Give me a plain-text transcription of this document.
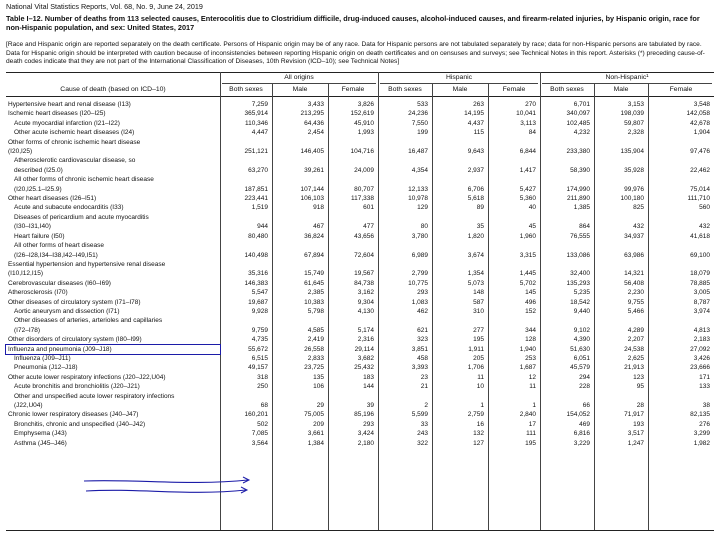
National Vital Statistics Reports, Vol. 68, No. 9, June 24, 2019
Table I–12. Number of deaths from 113 selected causes, Enterocolitis due to Clostridium difficile, drug-induced causes, alcohol-induced causes, and firearm-related injuries, by Hispanic origin, race for non-Hispanic population, and sex: United States, 2017
[Race and Hispanic origin are reported separately on the death certificate. Persons of Hispanic origin may be of any race. Data for Hispanic persons are not tabulated separately by race; data for non-Hispanic persons are tabulated by race. Data for Hispanic origin should be interpreted with caution because of inconsistencies between reporting Hispanic origin on death certificates and on censuses and surveys; see Technical Notes in this report. Asterisks (*) preceding cause-of-death codes indicate that they are not part of the International Classification of Diseases, 10th Revision (ICD–10); see Technical Notes]
All origins	Hispanic	Non-Hispanic¹
Cause of death (based on ICD–10)	Both sexes	Male	Female	Both sexes	Male	Female	Both sexes	Male	Female
Hypertensive heart and renal disease (I13)	7,259	3,433	3,826	533	263	270	6,701	3,153	3,548

Ischemic heart diseases (I20–I25)	365,914	213,295	152,619	24,236	14,195	10,041	340,097	198,039	142,058

Acute myocardial infarction (I21–I22)	110,346	64,436	45,910	7,550	4,437	3,113	102,485	59,807	42,678

Other acute ischemic heart diseases (I24)	4,447	2,454	1,993	199	115	84	4,232	2,328	1,904

Other forms of chronic ischemic heart disease
(I20,I25)	251,121	146,405	104,716	16,487	9,643	6,844	233,380	135,904	97,476

Atherosclerotic cardiovascular disease, so
described (I25.0)	63,270	39,261	24,009	4,354	2,937	1,417	58,390	35,928	22,462

All other forms of chronic ischemic heart disease
(I20,I25.1–I25.9)	187,851	107,144	80,707	12,133	6,706	5,427	174,990	99,976	75,014

Other heart diseases (I26–I51)	223,441	106,103	117,338	10,978	5,618	5,360	211,890	100,180	111,710

Acute and subacute endocarditis (I33)	1,519	918	601	129	89	40	1,385	825	560

Diseases of pericardium and acute myocarditis
(I30–I31,I40)	944	467	477	80	35	45	864	432	432

Heart failure (I50)	80,480	36,824	43,656	3,780	1,820	1,960	76,555	34,937	41,618

All other forms of heart disease
(I26–I28,I34–I38,I42–I49,I51)	140,498	67,894	72,604	6,989	3,674	3,315	133,086	63,986	69,100

Essential hypertension and hypertensive renal disease
(I10,I12,I15)	35,316	15,749	19,567	2,799	1,354	1,445	32,400	14,321	18,079

Cerebrovascular diseases (I60–I69)	146,383	61,645	84,738	10,775	5,073	5,702	135,293	56,408	78,885

Atherosclerosis (I70)	5,547	2,385	3,162	293	148	145	5,235	2,230	3,005

Other diseases of circulatory system (I71–I78)	19,687	10,383	9,304	1,083	587	496	18,542	9,755	8,787

Aortic aneurysm and dissection (I71)	9,928	5,798	4,130	462	310	152	9,440	5,466	3,974

Other diseases of arteries, arterioles and capillaries
(I72–I78)	9,759	4,585	5,174	621	277	344	9,102	4,289	4,813

Other disorders of circulatory system (I80–I99)	4,735	2,419	2,316	323	195	128	4,390	2,207	2,183

Influenza and pneumonia (J09–J18)	55,672	26,558	29,114	3,851	1,911	1,940	51,630	24,538	27,092

Influenza (J09–J11)	6,515	2,833	3,682	458	205	253	6,051	2,625	3,426

Pneumonia (J12–J18)	49,157	23,725	25,432	3,393	1,706	1,687	45,579	21,913	23,666

Other acute lower respiratory infections (J20–J22,U04)	318	135	183	23	11	12	294	123	171

Acute bronchitis and bronchiolitis (J20–J21)	250	106	144	21	10	11	228	95	133

Other and unspecified acute lower respiratory infections
(J22,U04)	68	29	39	2	1	1	66	28	38

Chronic lower respiratory diseases (J40–J47)	160,201	75,005	85,196	5,599	2,759	2,840	154,052	71,917	82,135

Bronchitis, chronic and unspecified (J40–J42)	502	209	293	33	16	17	469	193	276

Emphysema (J43)	7,085	3,661	3,424	243	132	111	6,816	3,517	3,299

Asthma (J45–J46)	3,564	1,384	2,180	322	127	195	3,229	1,247	1,982
